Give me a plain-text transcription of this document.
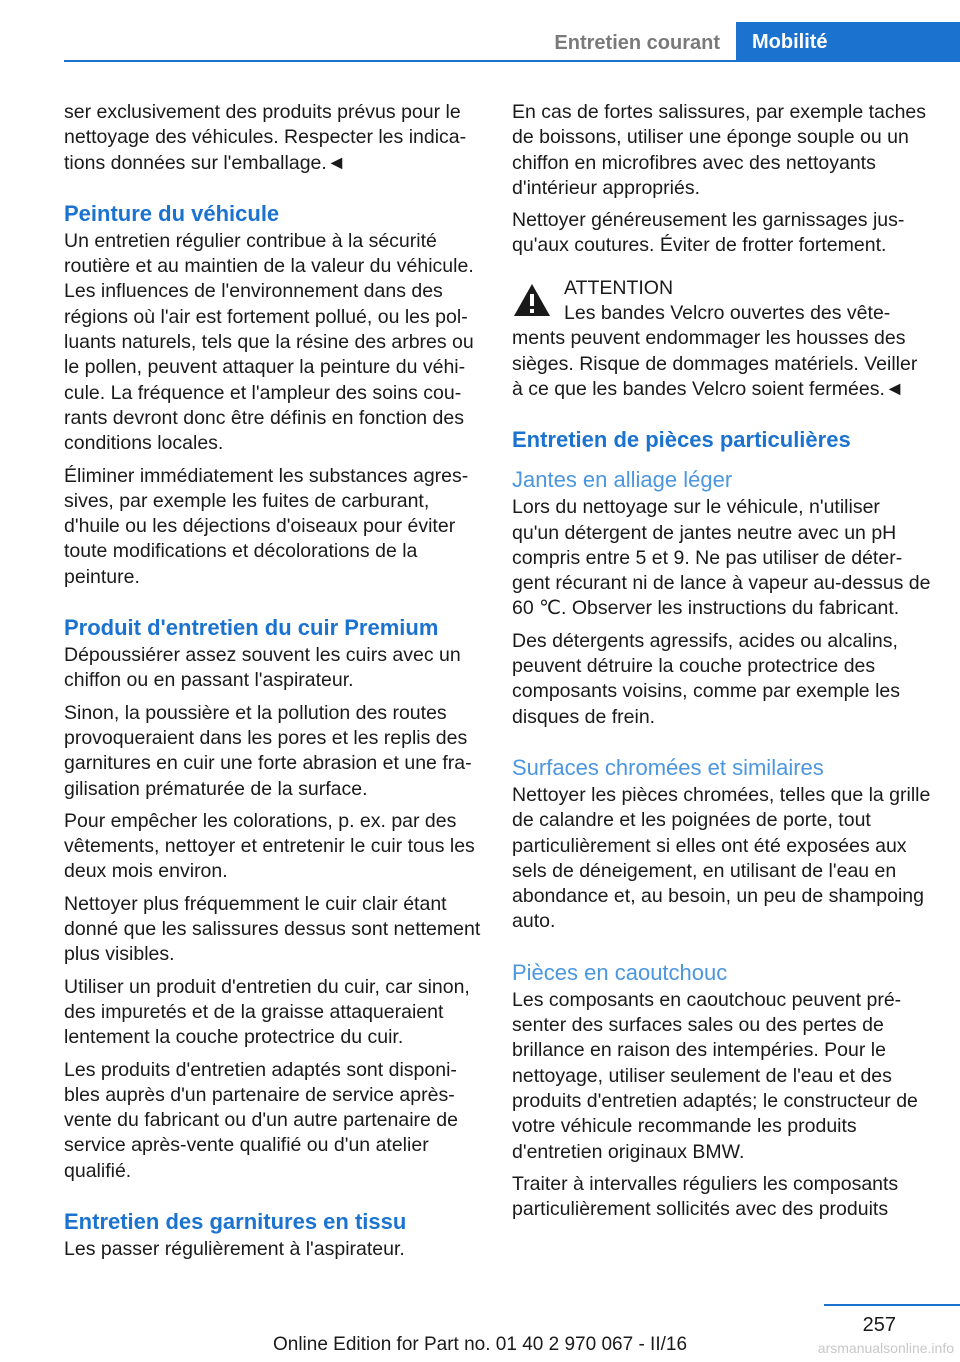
Entretien courant	Mobilité

ser exclusivement des produits prévus pour le nettoyage des véhicules. Respecter les indications données sur l'emballage.◄

Peinture du véhicule

Un entretien régulier contribue à la sécurité routière et au maintien de la valeur du véhicule. Les influences de l'environnement dans des régions où l'air est fortement pollué, ou les polluants naturels, tels que la résine des arbres ou le pollen, peuvent attaquer la peinture du véhicule. La fréquence et l'ampleur des soins courants devront donc être définis en fonction des conditions locales.

Éliminer immédiatement les substances agressives, par exemple les fuites de carburant, d'huile ou les déjections d'oiseaux pour éviter toute modifications et décolorations de la peinture.

Produit d'entretien du cuir Premium

Dépoussiérer assez souvent les cuirs avec un chiffon ou en passant l'aspirateur.

Sinon, la poussière et la pollution des routes provoqueraient dans les pores et les replis des garnitures en cuir une forte abrasion et une fragilisation prématurée de la surface.

Pour empêcher les colorations, p. ex. par des vêtements, nettoyer et entretenir le cuir tous les deux mois environ.

Nettoyer plus fréquemment le cuir clair étant donné que les salissures dessus sont nettement plus visibles.

Utiliser un produit d'entretien du cuir, car sinon, des impuretés et de la graisse attaqueraient lentement la couche protectrice du cuir.

Les produits d'entretien adaptés sont disponibles auprès d'un partenaire de service après-vente du fabricant ou d'un autre partenaire de service après-vente qualifié ou d'un atelier qualifié.

Entretien des garnitures en tissu

Les passer régulièrement à l'aspirateur.

En cas de fortes salissures, par exemple taches de boissons, utiliser une éponge souple ou un chiffon en microfibres avec des nettoyants d'intérieur appropriés.

Nettoyer généreusement les garnissages jusqu'aux coutures. Éviter de frotter fortement.

ATTENTION
Les bandes Velcro ouvertes des vêtements peuvent endommager les housses des sièges. Risque de dommages matériels. Veiller à ce que les bandes Velcro soient fermées.◄
Entretien de pièces particulières
Jantes en alliage léger

Lors du nettoyage sur le véhicule, n'utiliser qu'un détergent de jantes neutre avec un pH compris entre 5 et 9. Ne pas utiliser de détergent récurant ni de lance à vapeur au-dessus de 60 ℃. Observer les instructions du fabricant.

Des détergents agressifs, acides ou alcalins, peuvent détruire la couche protectrice des composants voisins, comme par exemple les disques de frein.

Surfaces chromées et similaires

Nettoyer les pièces chromées, telles que la grille de calandre et les poignées de porte, tout particulièrement si elles ont été exposées aux sels de déneigement, en utilisant de l'eau en abondance et, au besoin, un peu de shampoing auto.

Pièces en caoutchouc

Les composants en caoutchouc peuvent présenter des surfaces sales ou des pertes de brillance en raison des intempéries. Pour le nettoyage, utiliser seulement de l'eau et des produits d'entretien adaptés; le constructeur de votre véhicule recommande les produits d'entretien originaux BMW.

Traiter à intervalles réguliers les composants particulièrement sollicités avec des produits

257
Online Edition for Part no. 01 40 2 970 067 - II/16	arsmanualsonline.info
